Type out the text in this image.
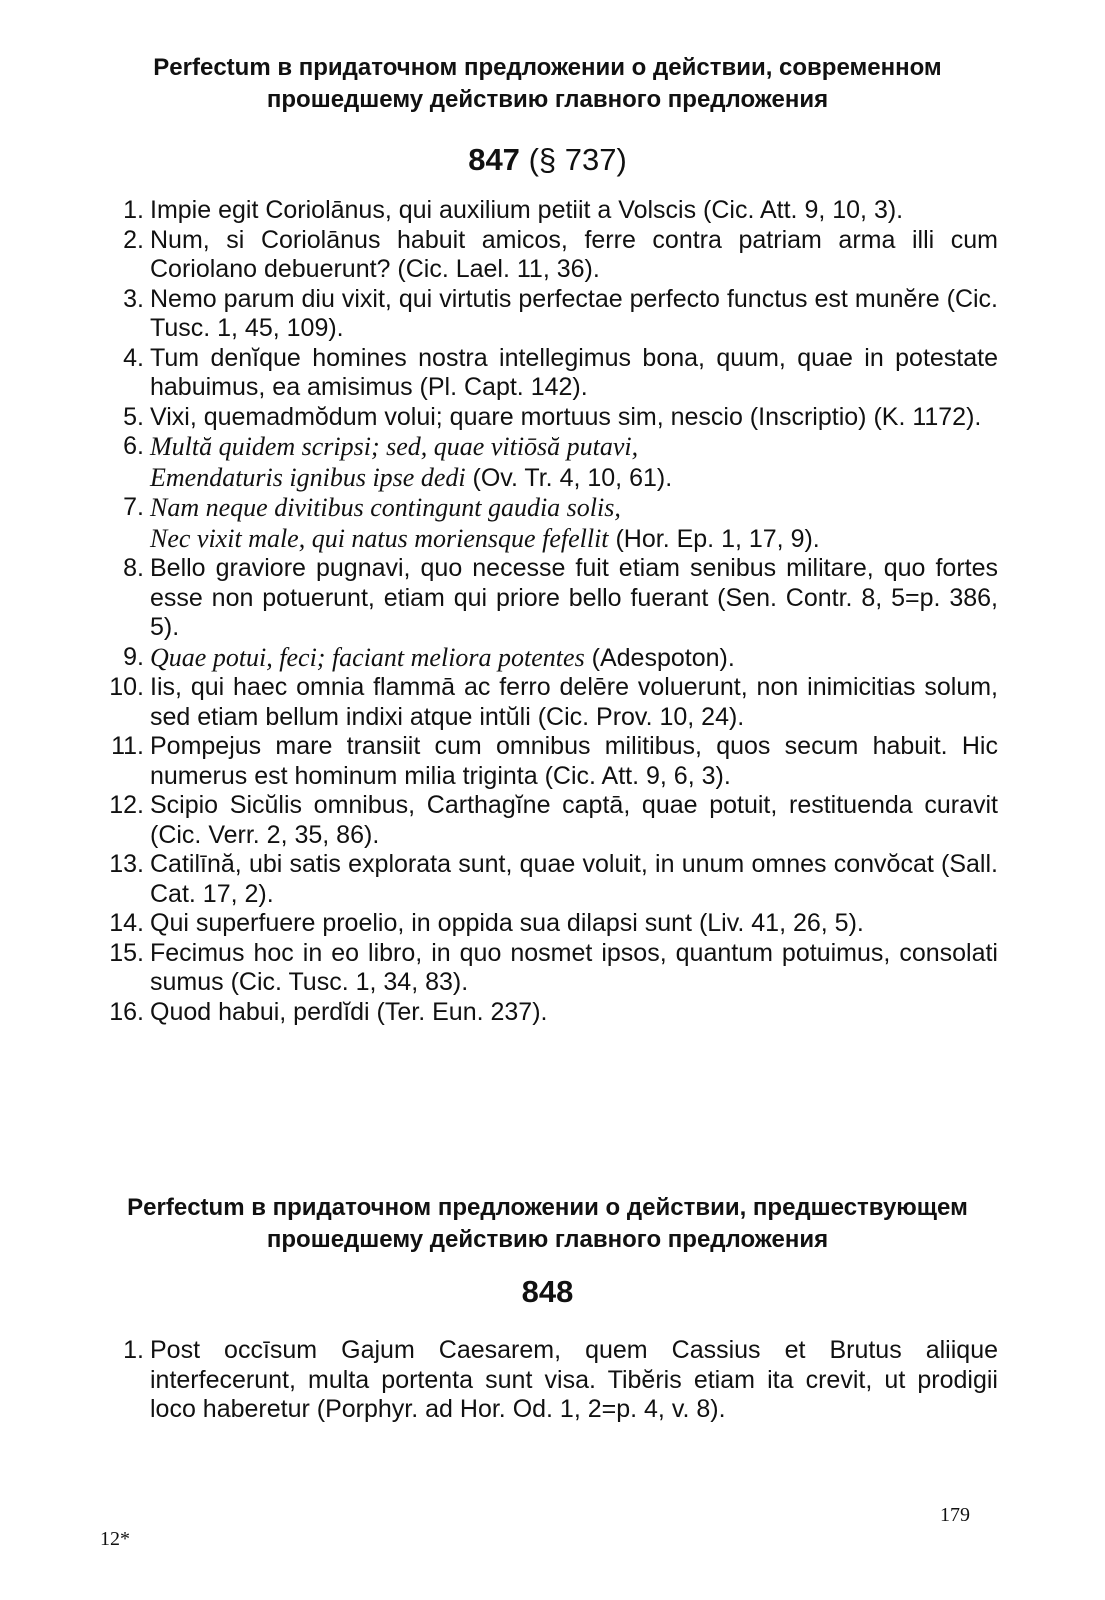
Perfectum в придаточном предложении о действии, современном
прошедшему действию главного предложения
847 (§ 737)
1. Impie egit Coriolānus, qui auxilium petiit a Volscis (Cic. Att. 9, 10, 3).
2. Num, si Coriolānus habuit amicos, ferre contra patriam arma illi cum Coriolano debuerunt? (Cic. Lael. 11, 36).
3. Nemo parum diu vixit, qui virtutis perfectae perfecto functus est munĕre (Cic. Tusc. 1, 45, 109).
4. Tum denĭque homines nostra intellegimus bona, quum, quae in potestate habuimus, ea amisimus (Pl. Capt. 142).
5. Vixi, quemadmŏdum volui; quare mortuus sim, nescio (Inscriptio) (K. 1172).
6. Multă quidem scripsi; sed, quae vitiōsă putavi,
Emendaturis ignibus ipse dedi (Ov. Tr. 4, 10, 61).
7. Nam neque divitibus contingunt gaudia solis,
Nec vixit male, qui natus moriensque fefellit (Hor. Ep. 1, 17, 9).
8. Bello graviore pugnavi, quo necesse fuit etiam senibus militare, quo fortes esse non potuerunt, etiam qui priore bello fuerant (Sen. Contr. 8, 5=p. 386, 5).
9. Quae potui, feci; faciant meliora potentes (Adespoton).
10. Iis, qui haec omnia flammā ac ferro delēre voluerunt, non inimicitias solum, sed etiam bellum indixi atque intŭli (Cic. Prov. 10, 24).
11. Pompejus mare transiit cum omnibus militibus, quos secum habuit. Hic numerus est hominum milia triginta (Cic. Att. 9, 6, 3).
12. Scipio Sicŭlis omnibus, Carthagĭne captā, quae potuit, restituenda curavit (Cic. Verr. 2, 35, 86).
13. Catilīnă, ubi satis explorata sunt, quae voluit, in unum omnes convŏcat (Sall. Cat. 17, 2).
14. Qui superfuere proelio, in oppida sua dilapsi sunt (Liv. 41, 26, 5).
15. Fecimus hoc in eo libro, in quo nosmet ipsos, quantum potuimus, consolati sumus (Cic. Tusc. 1, 34, 83).
16. Quod habui, perdĭdi (Ter. Eun. 237).
Perfectum в придаточном предложении о действии, предшествующем
прошедшему действию главного предложения
848
1. Post occīsum Gajum Caesarem, quem Cassius et Brutus aliique interfecerunt, multa portenta sunt visa. Tibĕris etiam ita crevit, ut prodigii loco haberetur (Porphyr. ad Hor. Od. 1, 2=p. 4, v. 8).
12*
179
